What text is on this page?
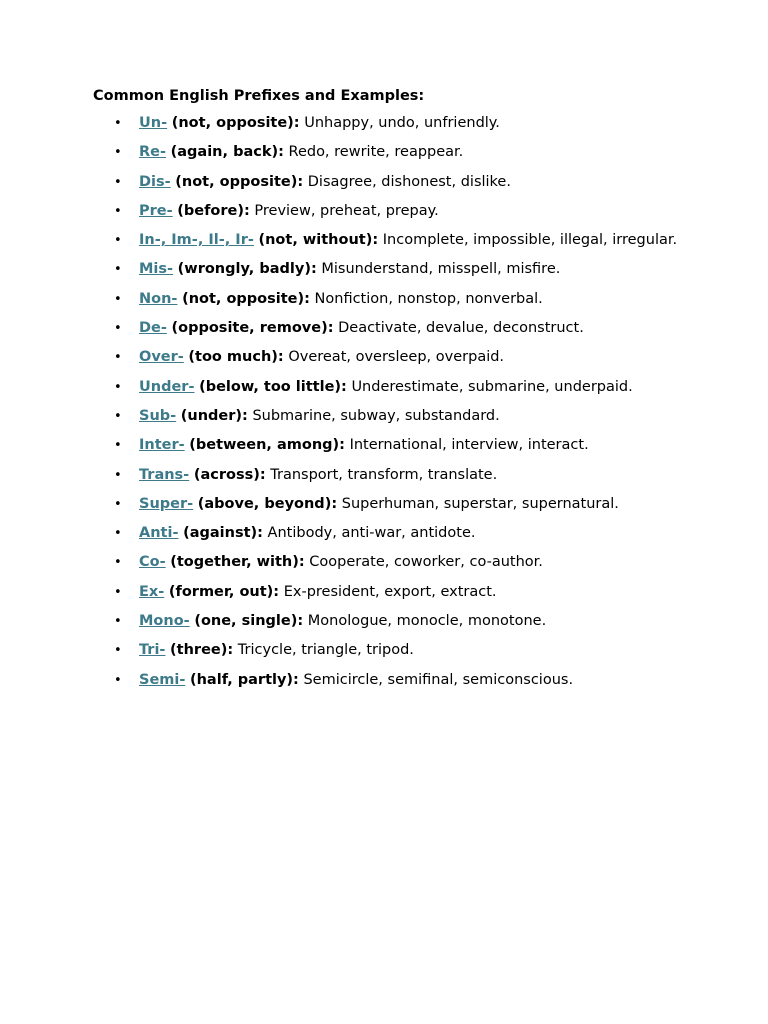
Common English Prefixes and Examples:
• Un- (not, opposite): Unhappy, undo, unfriendly.
• Re- (again, back): Redo, rewrite, reappear.
• Dis- (not, opposite): Disagree, dishonest, dislike.
• Pre- (before): Preview, preheat, prepay.
• In-, Im-, Il-, Ir- (not, without): Incomplete, impossible, illegal, irregular.
• Mis- (wrongly, badly): Misunderstand, misspell, misfire.
• Non- (not, opposite): Nonfiction, nonstop, nonverbal.
• De- (opposite, remove): Deactivate, devalue, deconstruct.
• Over- (too much): Overeat, oversleep, overpaid.
• Under- (below, too little): Underestimate, submarine, underpaid.
• Sub- (under): Submarine, subway, substandard.
• Inter- (between, among): International, interview, interact.
• Trans- (across): Transport, transform, translate.
• Super- (above, beyond): Superhuman, superstar, supernatural.
• Anti- (against): Antibody, anti-war, antidote.
• Co- (together, with): Cooperate, coworker, co-author.
• Ex- (former, out): Ex-president, export, extract.
• Mono- (one, single): Monologue, monocle, monotone.
• Tri- (three): Tricycle, triangle, tripod.
• Semi- (half, partly): Semicircle, semifinal, semiconscious.
